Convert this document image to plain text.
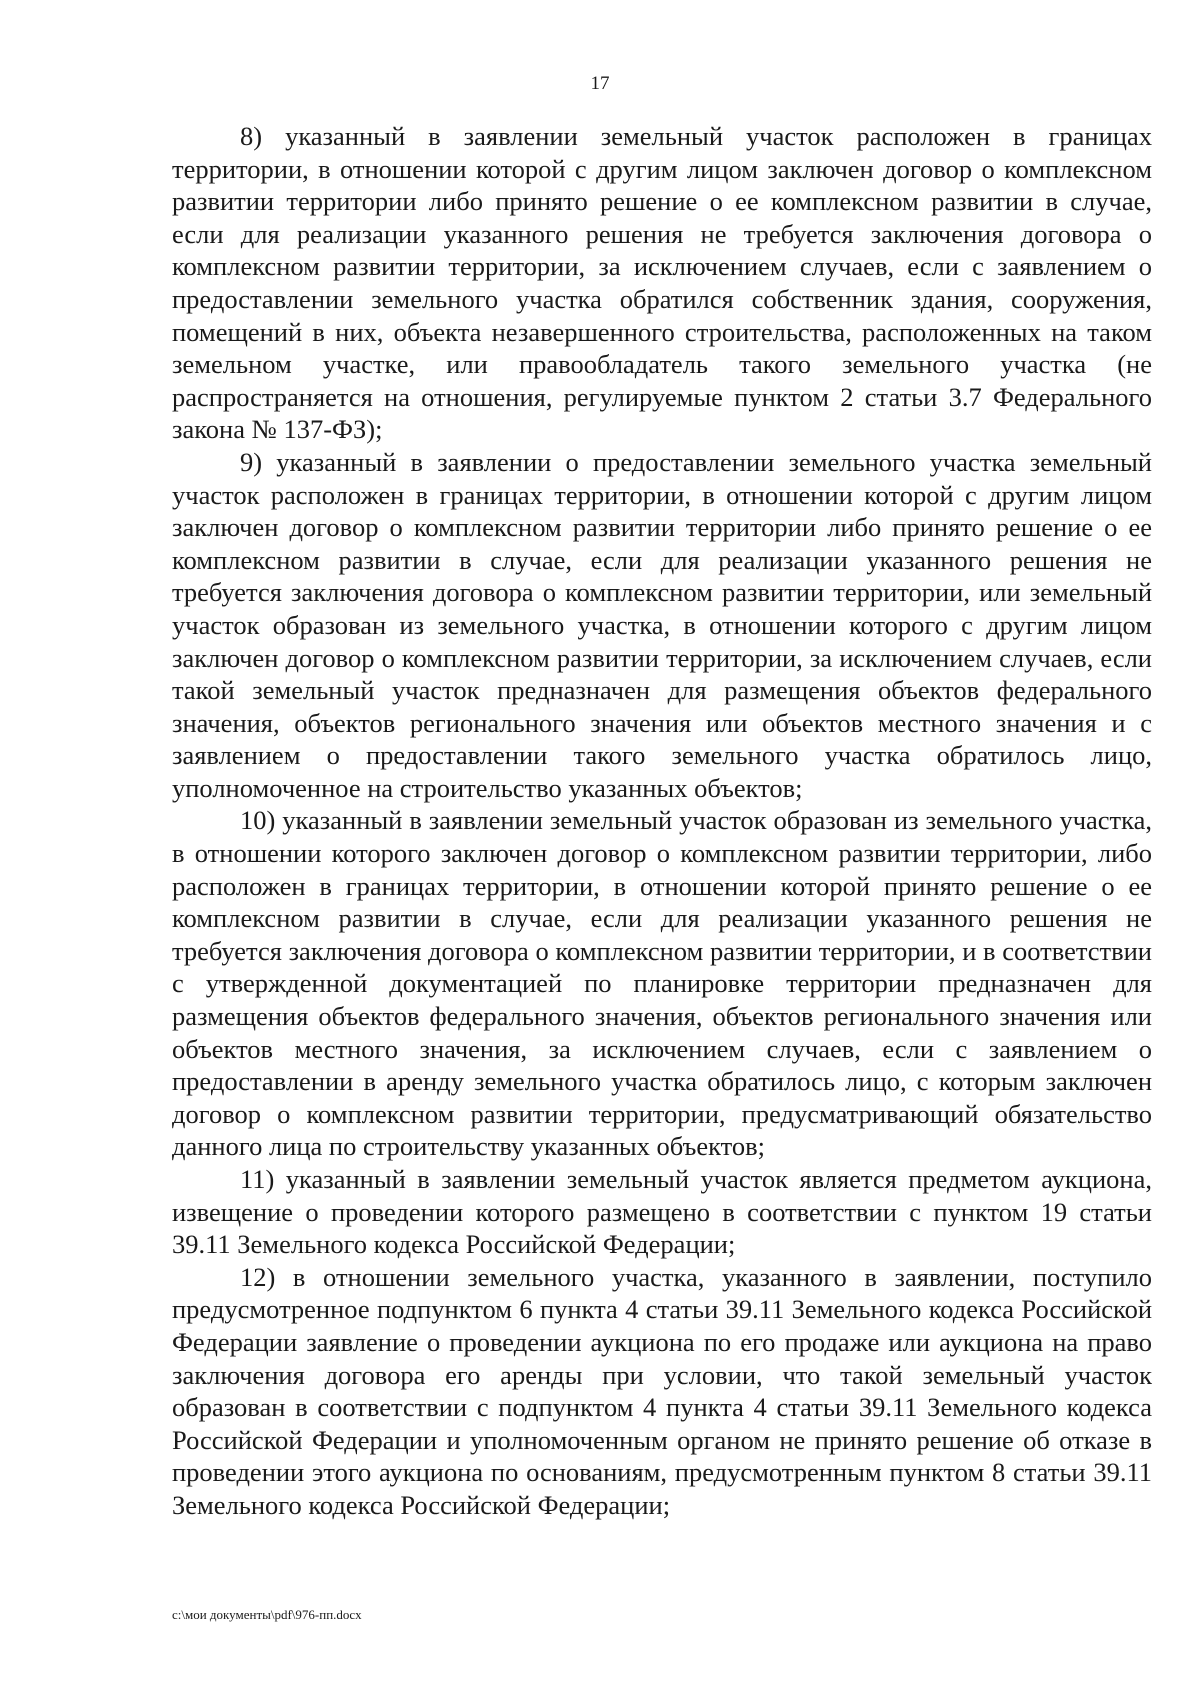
17

8) указанный в заявлении земельный участок расположен в границах территории, в отношении которой с другим лицом заключен договор о комплексном развитии территории либо принято решение о ее комплексном развитии в случае, если для реализации указанного решения не требуется заключения договора о комплексном развитии территории, за исключением случаев, если с заявлением о предоставлении земельного участка обратился собственник здания, сооружения, помещений в них, объекта незавершенного строительства, расположенных на таком земельном участке, или правообладатель такого земельного участка (не распространяется на отношения, регулируемые пунктом 2 статьи 3.7 Федерального закона № 137-ФЗ);

9) указанный в заявлении о предоставлении земельного участка земельный участок расположен в границах территории, в отношении которой с другим лицом заключен договор о комплексном развитии территории либо принято решение о ее комплексном развитии в случае, если для реализации указанного решения не требуется заключения договора о комплексном развитии территории, или земельный участок образован из земельного участка, в отношении которого с другим лицом заключен договор о комплексном развитии территории, за исключением случаев, если такой земельный участок предназначен для размещения объектов федерального значения, объектов регионального значения или объектов местного значения и с заявлением о предоставлении такого земельного участка обратилось лицо, уполномоченное на строительство указанных объектов;

10) указанный в заявлении земельный участок образован из земельного участка, в отношении которого заключен договор о комплексном развитии территории, либо расположен в границах территории, в отношении которой принято решение о ее комплексном развитии в случае, если для реализации указанного решения не требуется заключения договора о комплексном развитии территории, и в соответствии с утвержденной документацией по планировке территории предназначен для размещения объектов федерального значения, объектов регионального значения или объектов местного значения, за исключением случаев, если с заявлением о предоставлении в аренду земельного участка обратилось лицо, с которым заключен договор о комплексном развитии территории, предусматривающий обязательство данного лица по строительству указанных объектов;

11) указанный в заявлении земельный участок является предметом аукциона, извещение о проведении которого размещено в соответствии с пунктом 19 статьи 39.11 Земельного кодекса Российской Федерации;

12) в отношении земельного участка, указанного в заявлении, поступило предусмотренное подпунктом 6 пункта 4 статьи 39.11 Земельного кодекса Российской Федерации заявление о проведении аукциона по его продаже или аукциона на право заключения договора его аренды при условии, что такой земельный участок образован в соответствии с подпунктом 4 пункта 4 статьи 39.11 Земельного кодекса Российской Федерации и уполномоченным органом не принято решение об отказе в проведении этого аукциона по основаниям, предусмотренным пунктом 8 статьи 39.11 Земельного кодекса Российской Федерации;

c:\мои документы\pdf\976-пп.docx
